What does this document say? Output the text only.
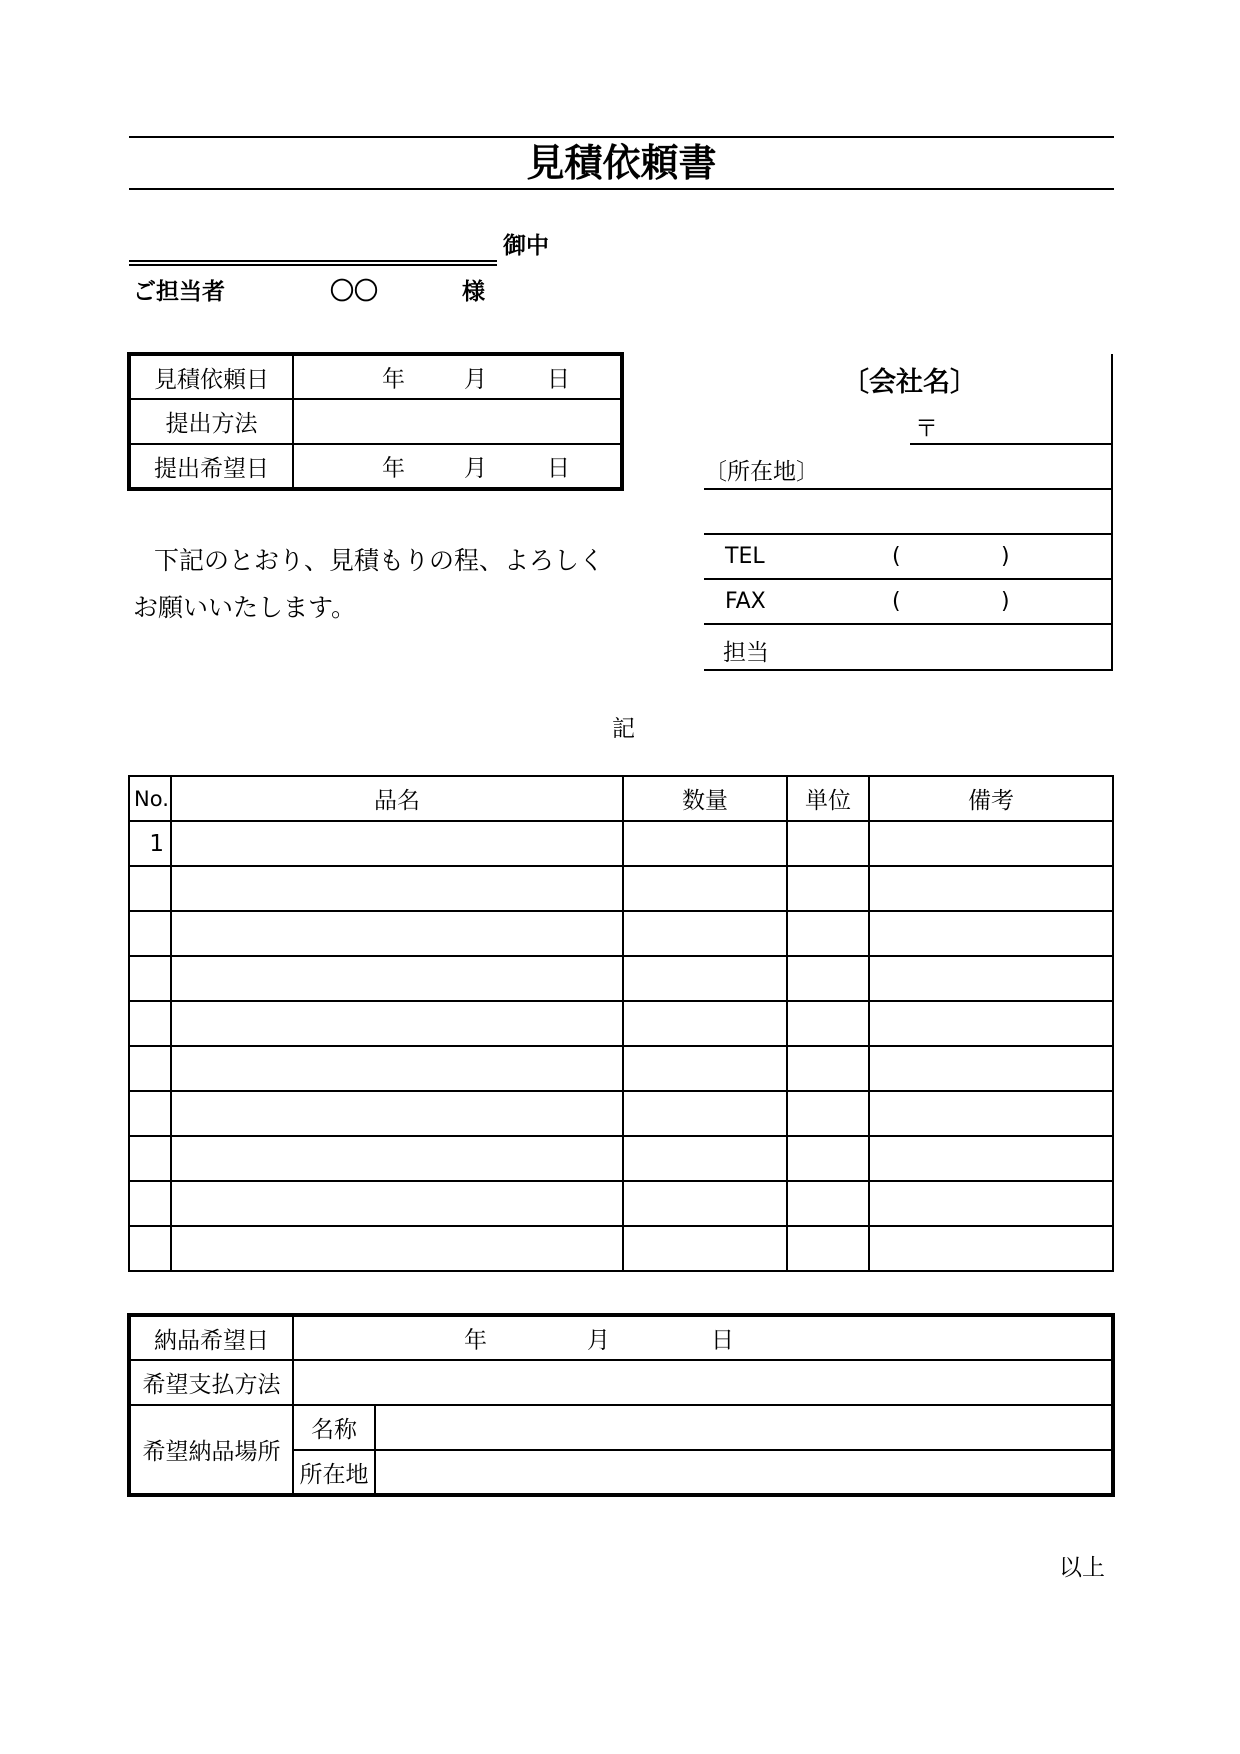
見積依頼書
御中
ご担当者	〇〇	様
見積依頼日	年 月 日

提出方法	
提出希望日	年 月 日
下記のとおり、見積もりの程、よろしく
お願いいたします。
〔会社名〕
〒
〔所在地〕
TEL	(	)
FAX	(	)
担当
記
No.	品名	数量	単位	備考
1				

納品希望日	年 月 日	

希望支払方法		
希望納品場所	名称	
	所在地	
以上
